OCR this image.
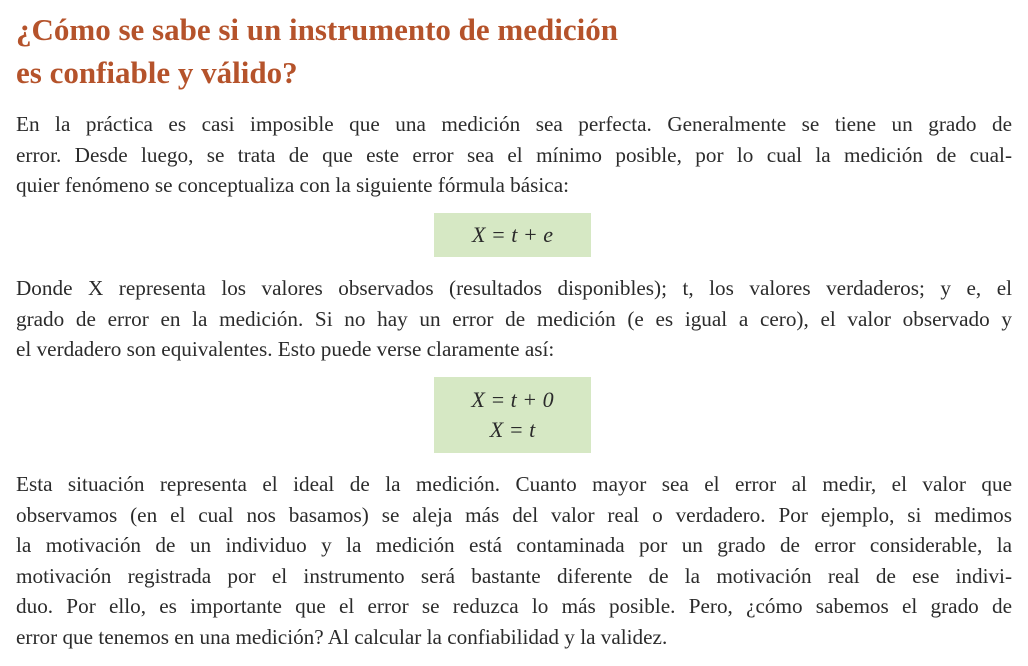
¿Cómo se sabe si un instrumento de medición
es confiable y válido?

En la práctica es casi imposible que una medición sea perfecta. Generalmente se tiene un grado de
error. Desde luego, se trata de que este error sea el mínimo posible, por lo cual la medición de cual-
quier fenómeno se conceptualiza con la siguiente fórmula básica:

X = t + e

Donde X representa los valores observados (resultados disponibles); t, los valores verdaderos; y e, el
grado de error en la medición. Si no hay un error de medición (e es igual a cero), el valor observado y
el verdadero son equivalentes. Esto puede verse claramente así:

X = t + 0
X = t

Esta situación representa el ideal de la medición. Cuanto mayor sea el error al medir, el valor que
observamos (en el cual nos basamos) se aleja más del valor real o verdadero. Por ejemplo, si medimos
la motivación de un individuo y la medición está contaminada por un grado de error considerable, la
motivación registrada por el instrumento será bastante diferente de la motivación real de ese indivi-
duo. Por ello, es importante que el error se reduzca lo más posible. Pero, ¿cómo sabemos el grado de
error que tenemos en una medición? Al calcular la confiabilidad y la validez.
